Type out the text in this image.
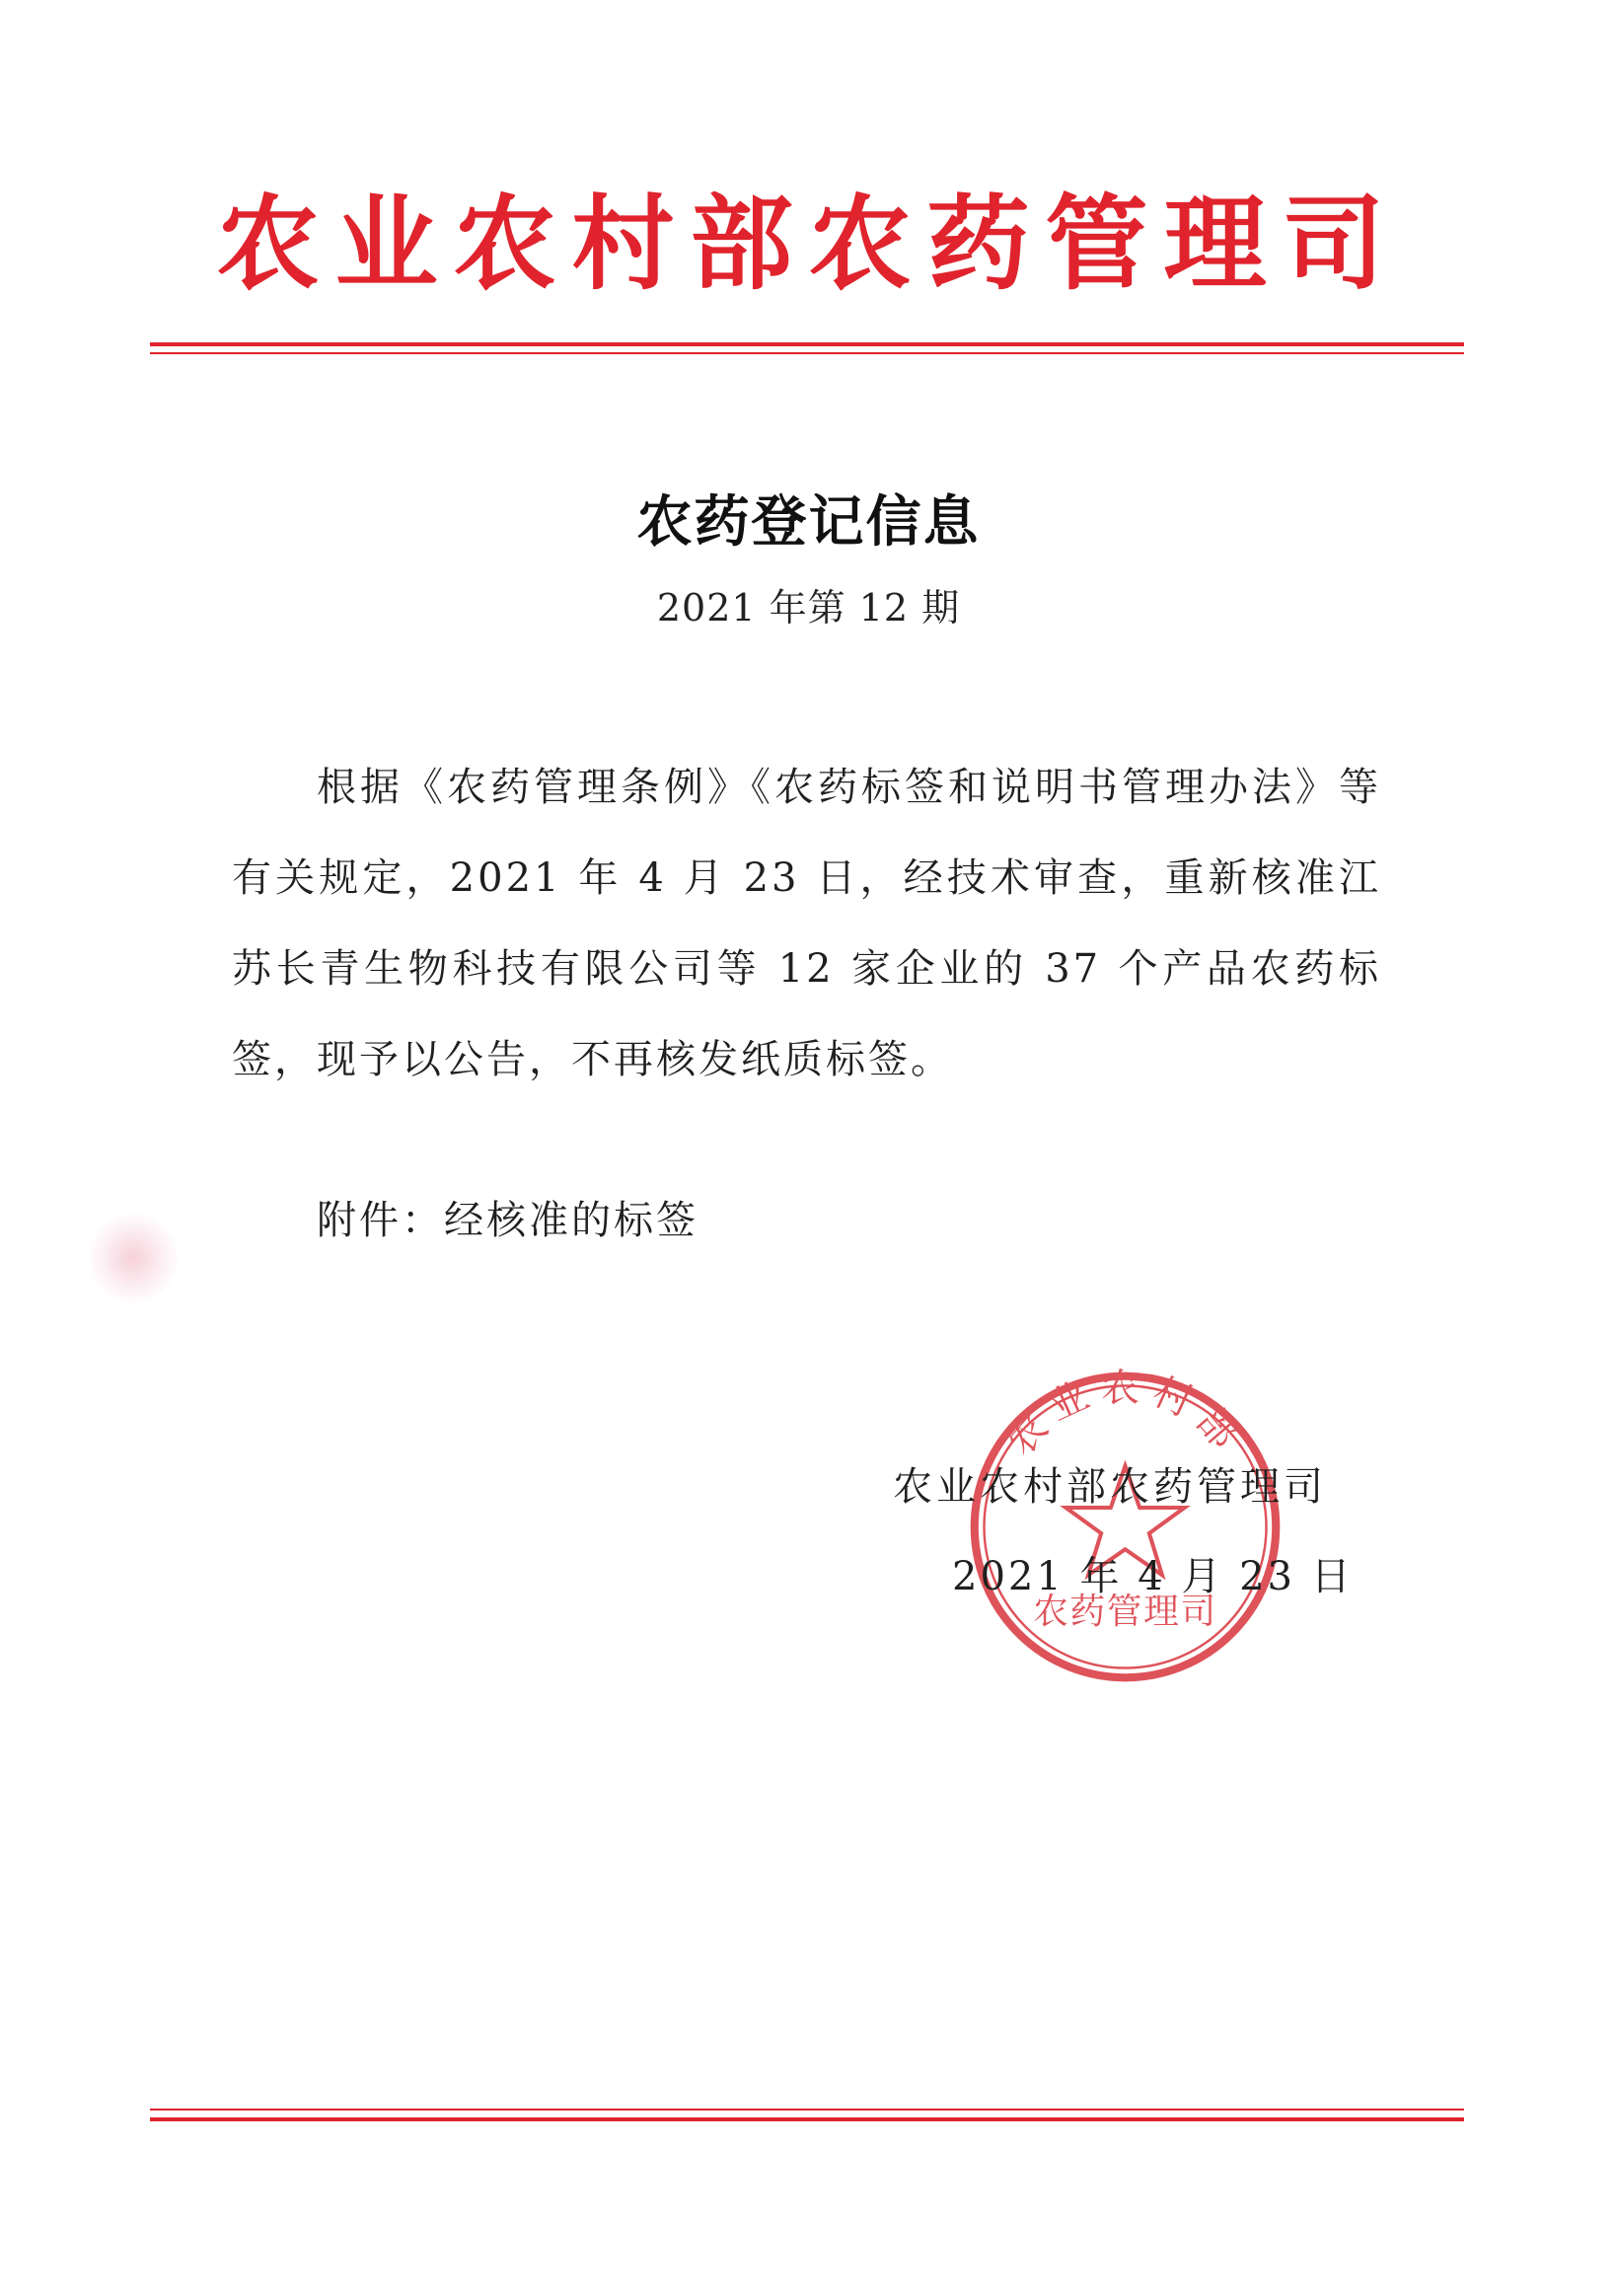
农业农村部农药管理司
农药登记信息
2021 年第 12 期
根据《农药管理条例》《农药标签和说明书管理办法》等有关规定，2021 年 4 月 23 日，经技术审查，重新核准江苏长青生物科技有限公司等 12 家企业的 37 个产品农药标签，现予以公告，不再核发纸质标签。
附件：经核准的标签
农业农村部
农药管理司
农业农村部农药管理司
2021 年 4 月 23 日
